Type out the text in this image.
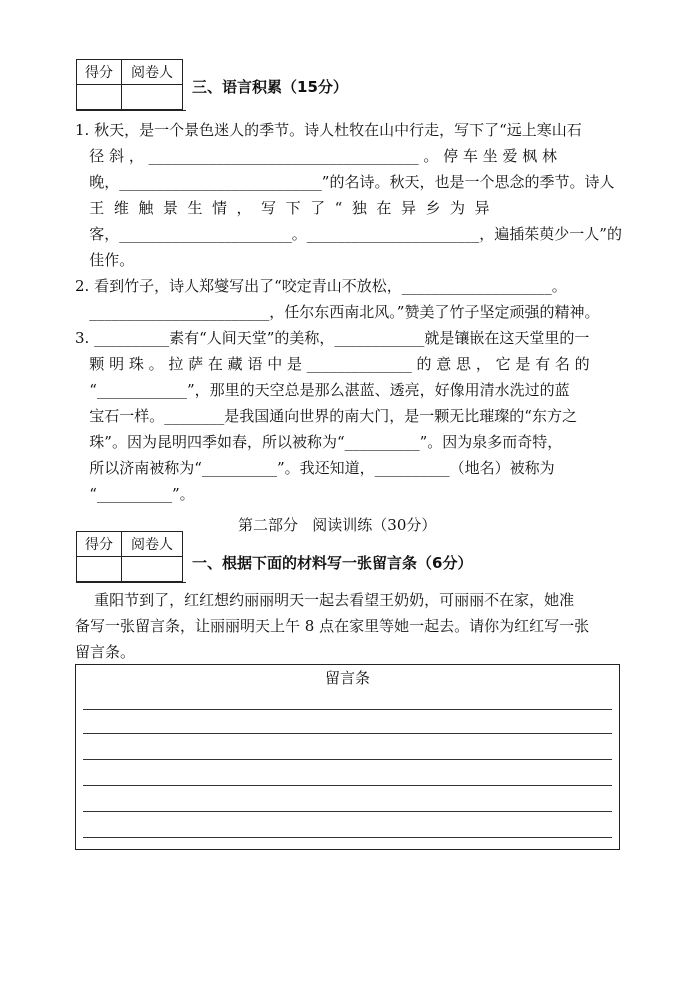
得分	阅卷人

三、语言积累（15分）
1. 秋天，是一个景色迷人的季节。诗人杜牧在山中行走，写下了“远上寒山石
径 斜 ， ____________________________________ 。 停 车 坐 爱 枫 林
晚，___________________________”的名诗。秋天，也是一个思念的季节。诗人
王  维  触  景  生  情  ，  写  下  了  “  独  在  异  乡  为  异
客，_______________________。_______________________，遍插茱萸少一人”的
佳作。
2. 看到竹子，诗人郑燮写出了“咬定青山不放松，____________________。
________________________，任尔东西南北风。”赞美了竹子坚定顽强的精神。
3. __________素有“人间天堂”的美称，____________就是镶嵌在这天堂里的一
颗 明 珠 。 拉 萨 在 藏 语 中 是 ______________ 的 意 思 ， 它 是 有 名 的
“____________”，那里的天空总是那么湛蓝、透亮，好像用清水洗过的蓝
宝石一样。________是我国通向世界的南大门，是一颗无比璀璨的“东方之
珠”。因为昆明四季如春，所以被称为“__________”。因为泉多而奇特，
所以济南被称为“__________”。我还知道，__________（地名）被称为
“__________”。
第二部分   阅读训练（30分）
得分	阅卷人

一、根据下面的材料写一张留言条（6分）
重阳节到了，红红想约丽丽明天一起去看望王奶奶，可丽丽不在家，她准
备写一张留言条，让丽丽明天上午 8 点在家里等她一起去。请你为红红写一张
留言条。
留言条
